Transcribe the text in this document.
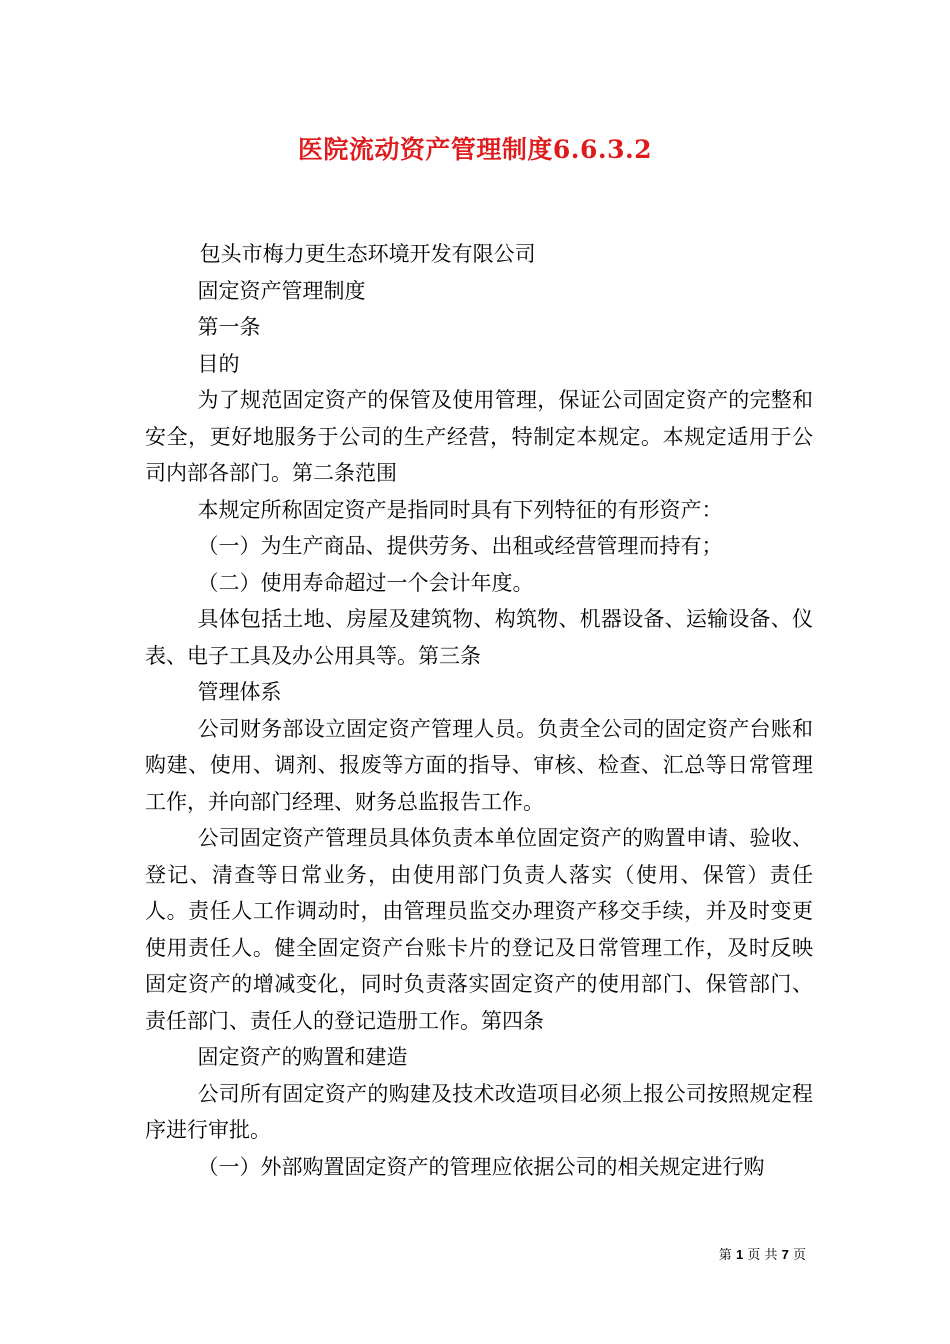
医院流动资产管理制度6.6.3.2

包头市梅力更生态环境开发有限公司

固定资产管理制度

第一条

目的

为了规范固定资产的保管及使用管理，保证公司固定资产的完整和安全，更好地服务于公司的生产经营，特制定本规定。本规定适用于公司内部各部门。第二条范围

本规定所称固定资产是指同时具有下列特征的有形资产：

（一）为生产商品、提供劳务、出租或经营管理而持有；

（二）使用寿命超过一个会计年度。

具体包括土地、房屋及建筑物、构筑物、机器设备、运输设备、仪表、电子工具及办公用具等。第三条

管理体系

公司财务部设立固定资产管理人员。负责全公司的固定资产台账和购建、使用、调剂、报废等方面的指导、审核、检查、汇总等日常管理工作，并向部门经理、财务总监报告工作。

公司固定资产管理员具体负责本单位固定资产的购置申请、验收、登记、清查等日常业务，由使用部门负责人落实（使用、保管）责任人。责任人工作调动时，由管理员监交办理资产移交手续，并及时变更使用责任人。健全固定资产台账卡片的登记及日常管理工作，及时反映固定资产的增减变化，同时负责落实固定资产的使用部门、保管部门、责任部门、责任人的登记造册工作。第四条

固定资产的购置和建造

公司所有固定资产的购建及技术改造项目必须上报公司按照规定程序进行审批。

（一）外部购置固定资产的管理应依据公司的相关规定进行购

第 1 页 共 7 页
